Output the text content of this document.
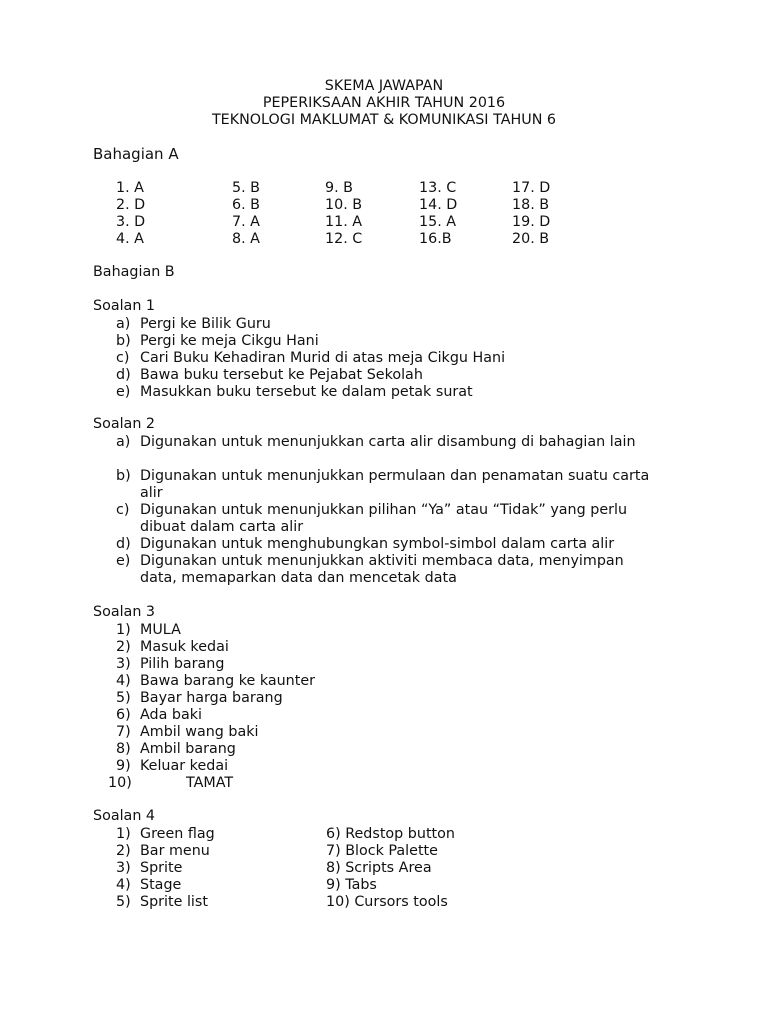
SKEMA JAWAPAN
PEPERIKSAAN AKHIR TAHUN 2016
TEKNOLOGI MAKLUMAT & KOMUNIKASI TAHUN 6
Bahagian A
1. A
2. D
3. D
4. A
5. B
6. B
7. A
8. A
9. B
10. B
11. A
12. C
13. C
14. D
15. A
16.B
17. D
18. B
19. D
20. B
Bahagian B
Soalan 1
a) Pergi ke Bilik Guru
b) Pergi ke meja Cikgu Hani
c) Cari Buku Kehadiran Murid di atas meja Cikgu Hani
d) Bawa buku tersebut ke Pejabat Sekolah
e) Masukkan buku tersebut ke dalam petak surat
Soalan 2
a) Digunakan untuk menunjukkan carta alir disambung di bahagian lain
b) Digunakan untuk menunjukkan permulaan dan penamatan suatu carta alir
c) Digunakan untuk menunjukkan pilihan “Ya” atau “Tidak” yang perlu dibuat dalam carta alir
d) Digunakan untuk menghubungkan symbol-simbol dalam carta alir
e) Digunakan untuk menunjukkan aktiviti membaca data, menyimpan data, memaparkan data dan mencetak data
Soalan 3
1) MULA
2) Masuk kedai
3) Pilih barang
4) Bawa barang ke kaunter
5) Bayar harga barang
6) Ada baki
7) Ambil wang baki
8) Ambil barang
9) Keluar kedai
10)	TAMAT
Soalan 4
1) Green flag
2) Bar menu
3) Sprite
4) Stage
5) Sprite list
6) Redstop button
7) Block Palette
8) Scripts Area
9) Tabs
10) Cursors tools
